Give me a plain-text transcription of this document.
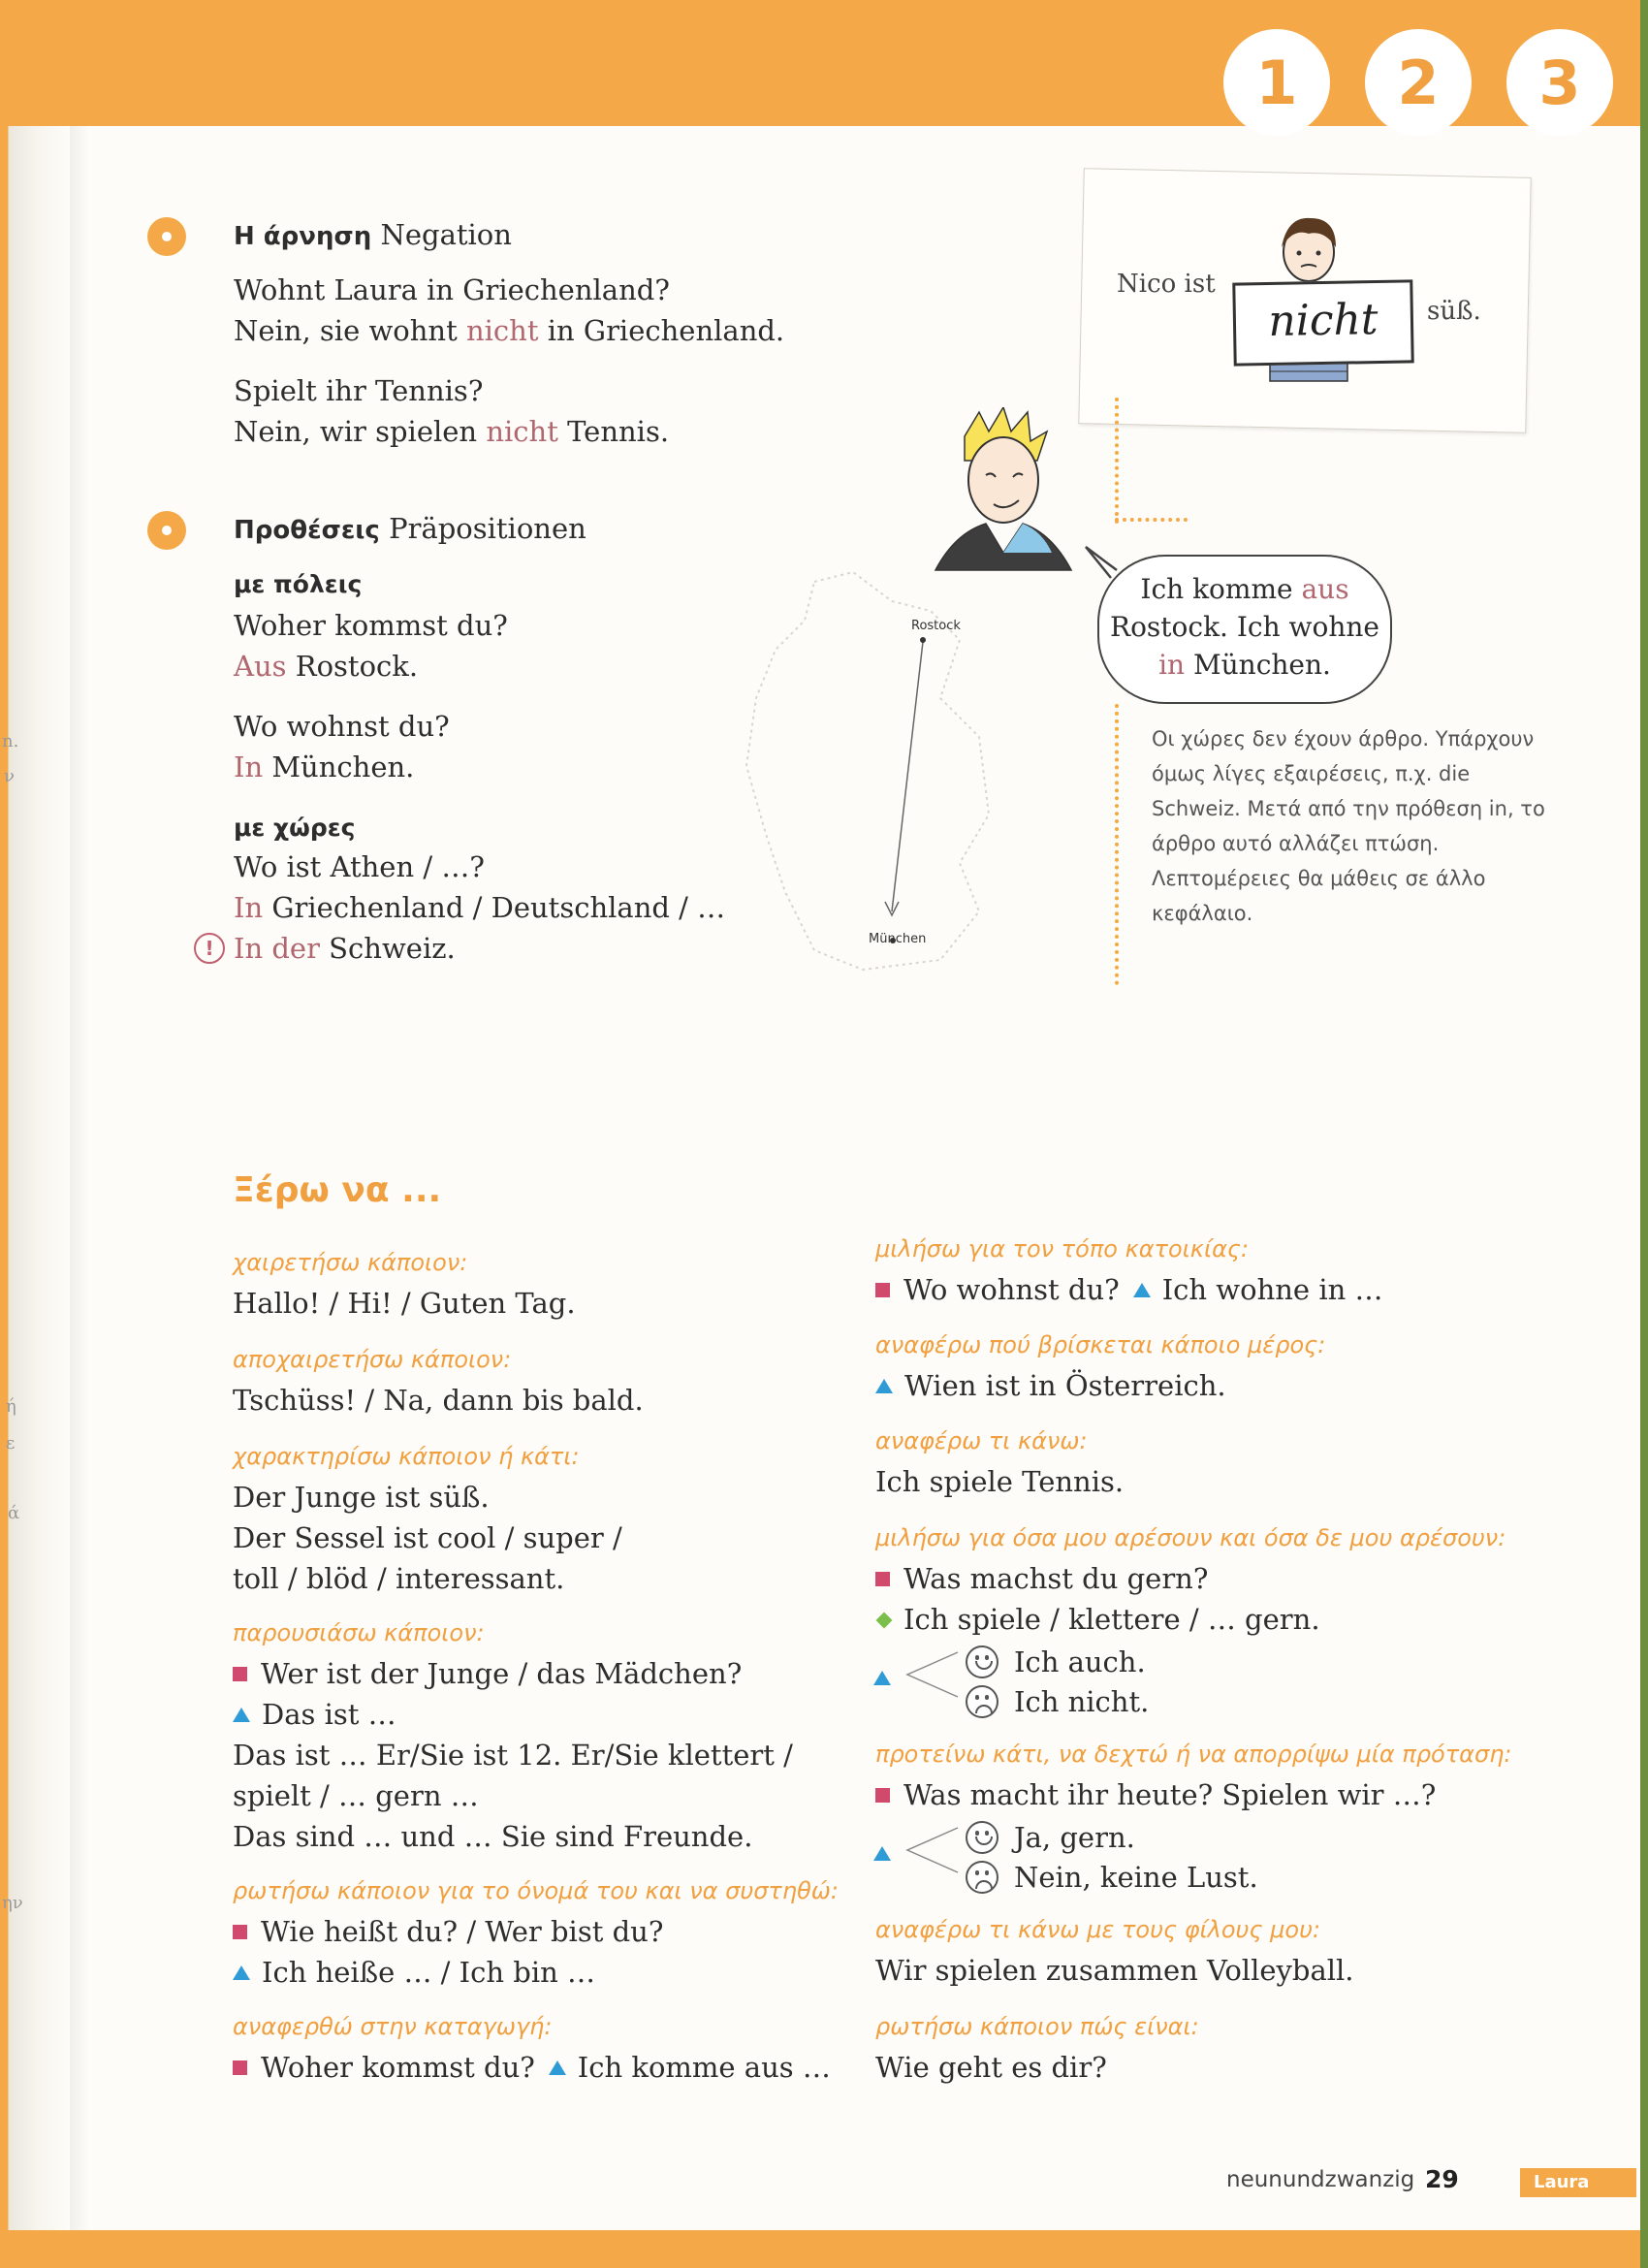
n.
ν
ή
ε
ά
ην
1	2	3
Η άρνηση Negation
Wohnt Laura in Griechenland?
Nein, sie wohnt nicht in Griechenland.
Spielt ihr Tennis?
Nein, wir spielen nicht Tennis.
Προθέσεις Präpositionen
με πόλεις
Woher kommst du?
Aus Rostock.
Wo wohnst du?
In München.
με χώρες
Wo ist Athen / …?
In Griechenland / Deutschland / …
! In der Schweiz.
Rostock
München
Nico ist
süß.
nicht
Ich komme aus
Rostock. Ich wohne
in München.
Οι χώρες δεν έχουν άρθρο. Υπάρχουν όμως λίγες εξαιρέσεις, π.χ. die Schweiz. Μετά από την πρόθεση in, το άρθρο αυτό αλλάζει πτώση. Λεπτομέρειες θα μάθεις σε άλλο κεφάλαιο.
Ξέρω να ...
χαιρετήσω κάποιον:
Hallo! / Hi! / Guten Tag.
αποχαιρετήσω κάποιον:
Tschüss! / Na, dann bis bald.
χαρακτηρίσω κάποιον ή κάτι:
Der Junge ist süß.
Der Sessel ist cool / super /
toll / blöd / interessant.
παρουσιάσω κάποιον:
Wer ist der Junge / das Mädchen?
Das ist …
Das ist … Er/Sie ist 12. Er/Sie klettert /
spielt / … gern …
Das sind … und … Sie sind Freunde.
ρωτήσω κάποιον για το όνομά του και να συστηθώ:
Wie heißt du? / Wer bist du?
Ich heiße … / Ich bin …
αναφερθώ στην καταγωγή:
Woher kommst du? Ich komme aus …
μιλήσω για τον τόπο κατοικίας:
Wo wohnst du? Ich wohne in …
αναφέρω πού βρίσκεται κάποιο μέρος:
Wien ist in Österreich.
αναφέρω τι κάνω:
Ich spiele Tennis.
μιλήσω για όσα μου αρέσουν και όσα δε μου αρέσουν:
Was machst du gern?
Ich spiele / klettere / … gern.
Ich auch.
Ich nicht.
προτείνω κάτι, να δεχτώ ή να απορρίψω μία πρόταση:
Was macht ihr heute? Spielen wir …?
Ja, gern.
Nein, keine Lust.
αναφέρω τι κάνω με τους φίλους μου:
Wir spielen zusammen Volleyball.
ρωτήσω κάποιον πώς είναι:
Wie geht es dir?
neunundzwanzig 29	Laura
